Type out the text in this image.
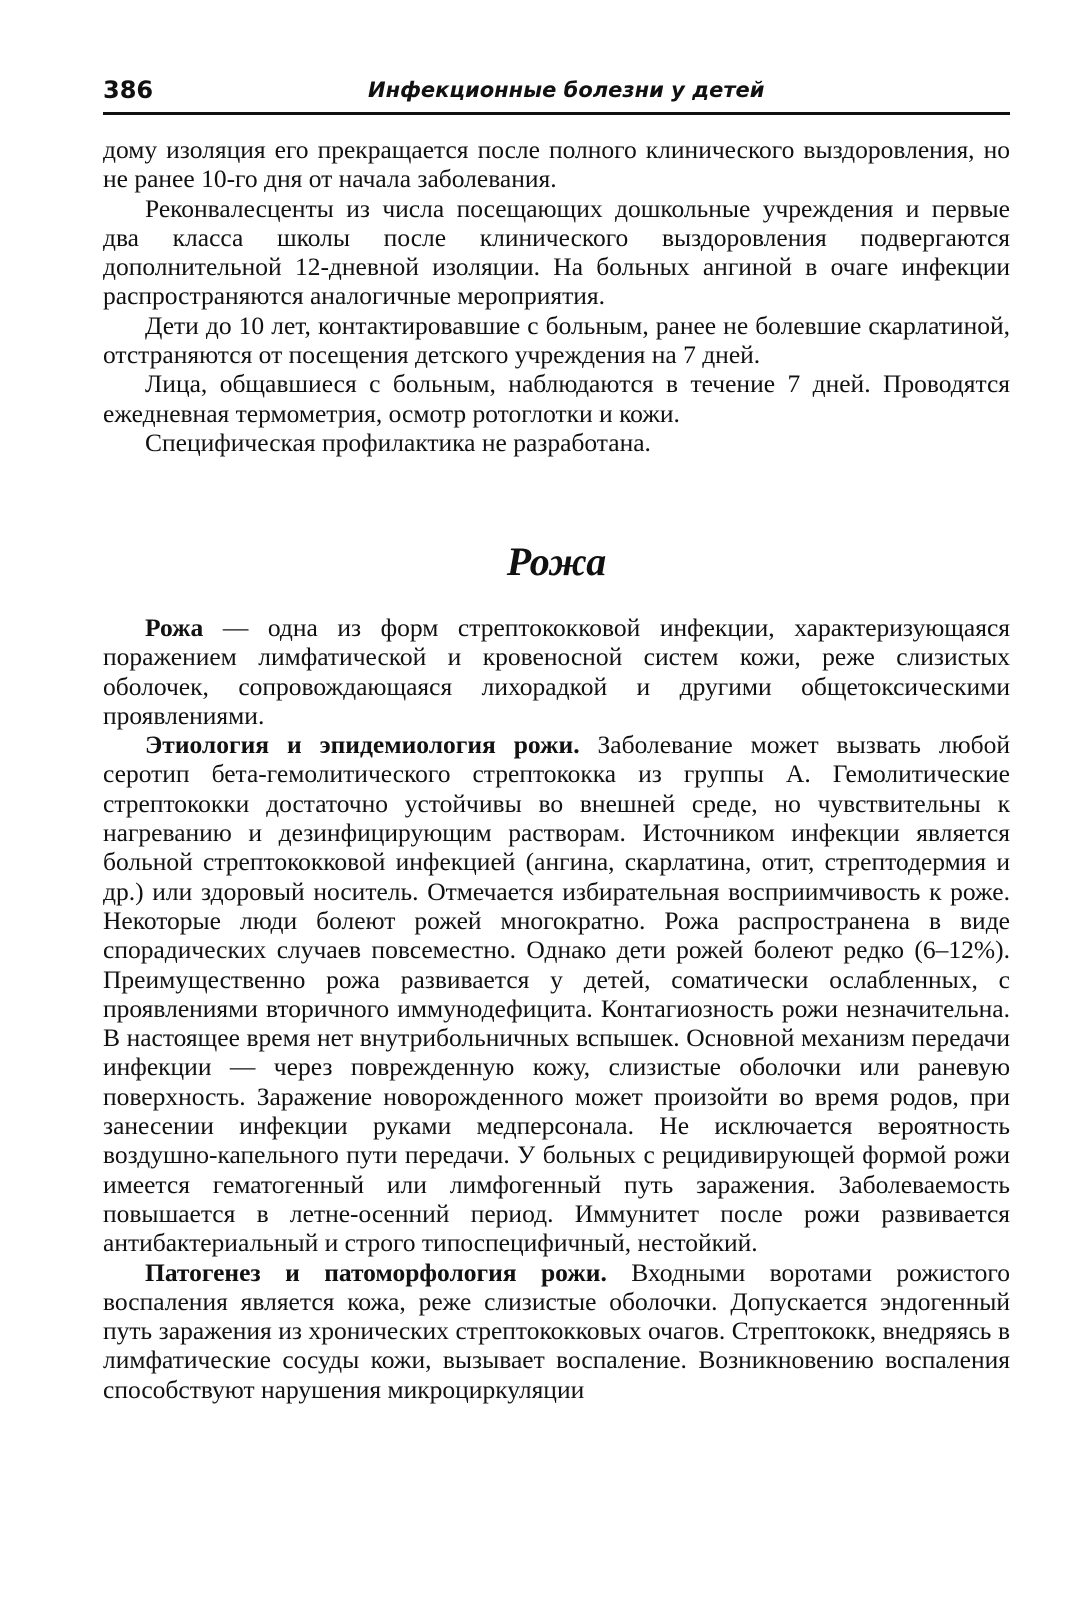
386	Инфекционные болезни у детей

дому изоляция его прекращается после полного клинического выздоровления, но не ранее 10-го дня от начала заболевания.

Реконвалесценты из числа посещающих дошкольные учреждения и первые два класса школы после клинического выздоровления подвергаются дополнительной 12-дневной изоляции. На больных ангиной в очаге инфекции распространяются аналогичные мероприятия.

Дети до 10 лет, контактировавшие с больным, ранее не болевшие скарлатиной, отстраняются от посещения детского учреждения на 7 дней.

Лица, общавшиеся с больным, наблюдаются в течение 7 дней. Проводятся ежедневная термометрия, осмотр ротоглотки и кожи.

Специфическая профилактика не разработана.

Рожа

Рожа — одна из форм стрептококковой инфекции, характеризующаяся поражением лимфатической и кровеносной систем кожи, реже слизистых оболочек, сопровождающаяся лихорадкой и другими общетоксическими проявлениями.

Этиология и эпидемиология рожи. Заболевание может вызвать любой серотип бета-гемолитического стрептококка из группы А. Гемолитические стрептококки достаточно устойчивы во внешней среде, но чувствительны к нагреванию и дезинфицирующим растворам. Источником инфекции является больной стрептококковой инфекцией (ангина, скарлатина, отит, стрептодермия и др.) или здоровый носитель. Отмечается избирательная восприимчивость к роже. Некоторые люди болеют рожей многократно. Рожа распространена в виде спорадических случаев повсеместно. Однако дети рожей болеют редко (6–12%). Преимущественно рожа развивается у детей, соматически ослабленных, с проявлениями вторичного иммунодефицита. Контагиозность рожи незначительна. В настоящее время нет внутрибольничных вспышек. Основной механизм передачи инфекции — через поврежденную кожу, слизистые оболочки или раневую поверхность. Заражение новорожденного может произойти во время родов, при занесении инфекции руками медперсонала. Не исключается вероятность воздушно-капельного пути передачи. У больных с рецидивирующей формой рожи имеется гематогенный или лимфогенный путь заражения. Заболеваемость повышается в летне-осенний период. Иммунитет после рожи развивается антибактериальный и строго типоспецифичный, нестойкий.

Патогенез и патоморфология рожи. Входными воротами рожистого воспаления является кожа, реже слизистые оболочки. Допускается эндогенный путь заражения из хронических стрептококковых очагов. Стрептококк, внедряясь в лимфатические сосуды кожи, вызывает воспаление. Возникновению воспаления способствуют нарушения микроциркуляции
